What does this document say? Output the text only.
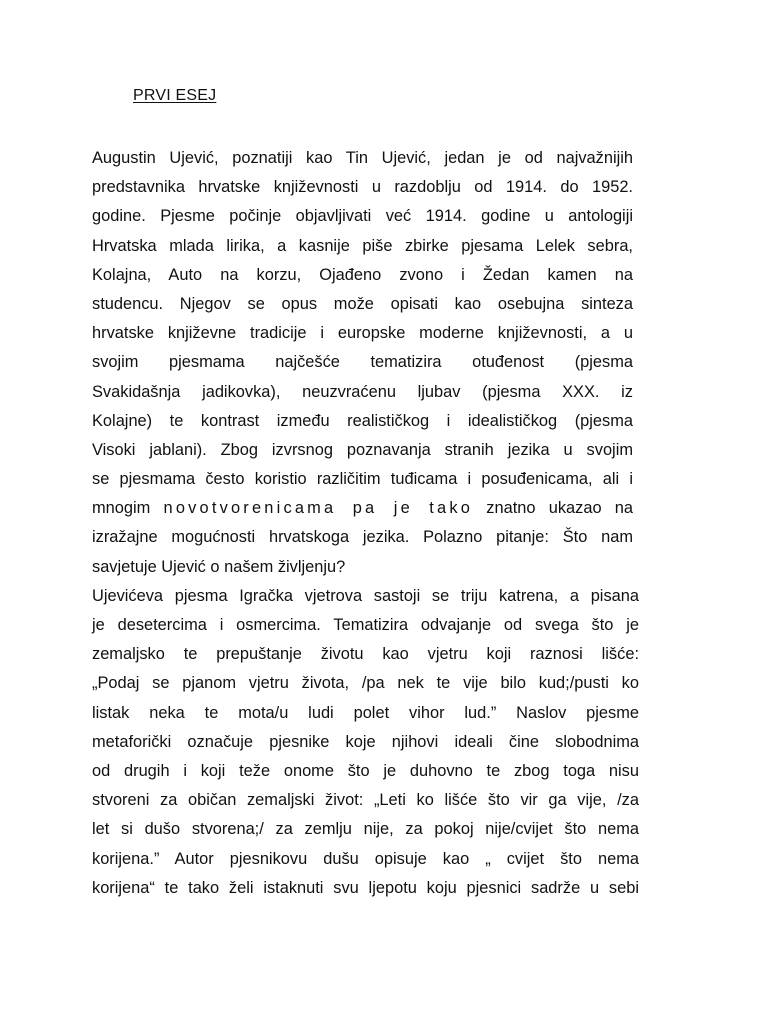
PRVI ESEJ
Augustin Ujević, poznatiji kao Tin Ujević, jedan je od najvažnijih
predstavnika hrvatske književnosti u razdoblju od 1914. do 1952.
godine. Pjesme počinje objavljivati već 1914. godine u antologiji
Hrvatska mlada lirika, a kasnije piše zbirke pjesama Lelek sebra,
Kolajna, Auto na korzu, Ojađeno zvono i Žedan kamen na
studencu. Njegov se opus može opisati kao osebujna sinteza
hrvatske književne tradicije i europske moderne književnosti, a u
svojim pjesmama najčešće tematizira otuđenost (pjesma
Svakidašnja jadikovka), neuzvraćenu ljubav (pjesma XXX. iz
Kolajne) te kontrast između realističkog i idealističkog (pjesma
Visoki jablani). Zbog izvrsnog poznavanja stranih jezika u svojim
se pjesmama često koristio različitim tuđicama i posuđenicama, ali i
mnogim novotvorenicama pa je tako znatno ukazao na
izražajne mogućnosti hrvatskoga jezika. Polazno pitanje: Što nam
savjetuje Ujević o našem življenju?
Ujevićeva pjesma Igračka vjetrova sastoji se triju katrena, a pisana
je desetercima i osmercima. Tematizira odvajanje od svega što je
zemaljsko te prepuštanje životu kao vjetru koji raznosi lišće:
„Podaj se pjanom vjetru života, /pa nek te vije bilo kud;/pusti ko
listak neka te mota/u ludi polet vihor lud.” Naslov pjesme
metaforički označuje pjesnike koje njihovi ideali čine slobodnima
od drugih i koji teže onome što je duhovno te zbog toga nisu
stvoreni za običan zemaljski život: „Leti ko lišće što vir ga vije, /za
let si dušo stvorena;/ za zemlju nije, za pokoj nije/cvijet što nema
korijena.” Autor pjesnikovu dušu opisuje kao „ cvijet što nema
korijena“ te tako želi istaknuti svu ljepotu koju pjesnici sadrže u sebi
